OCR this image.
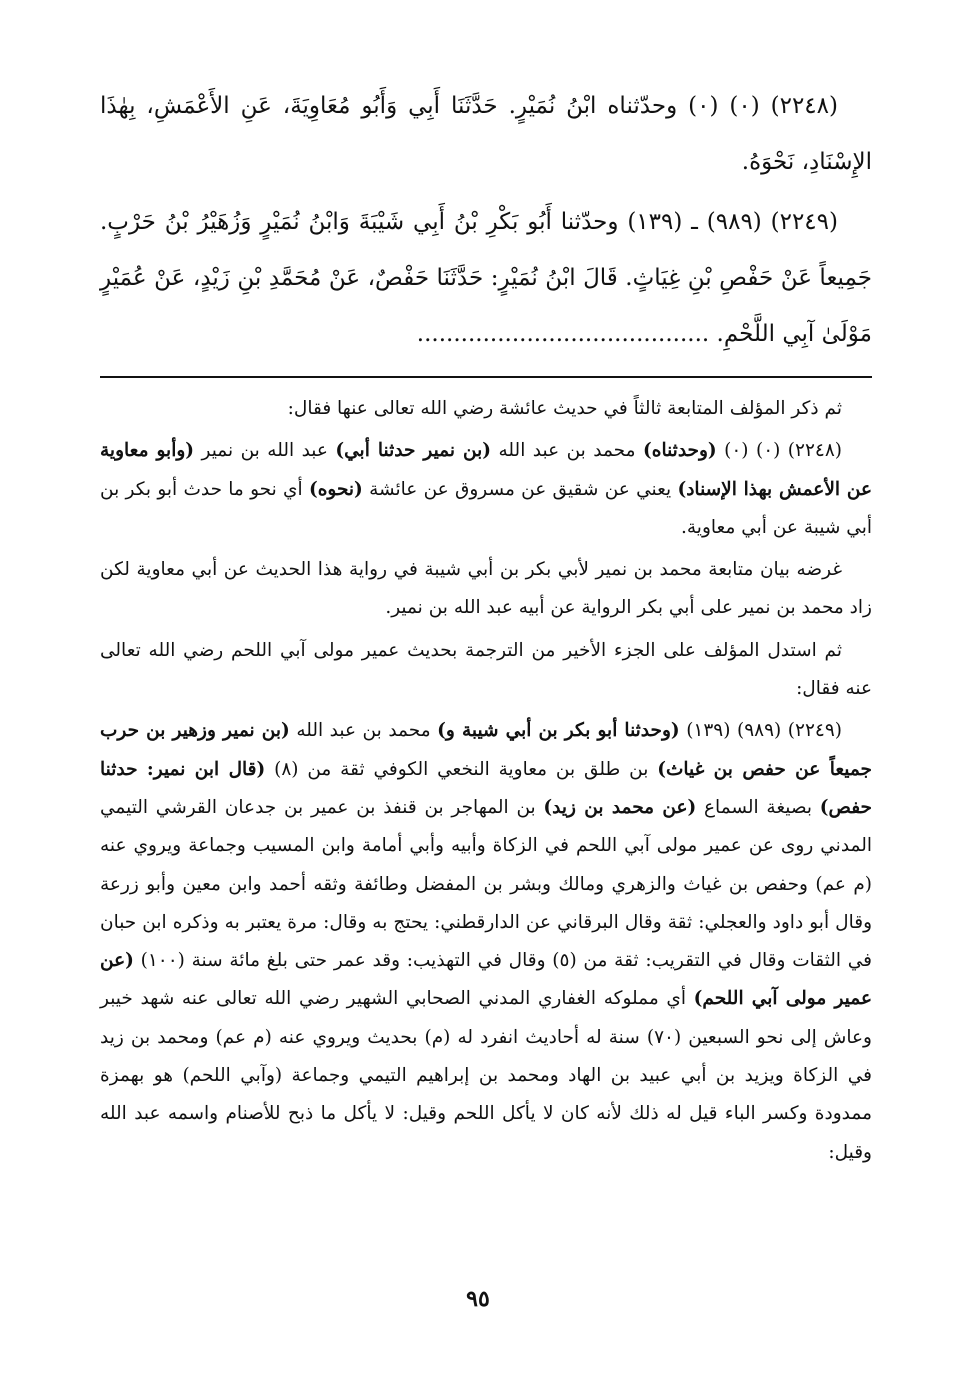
(٢٢٤٨) (٠) (٠) وحدّثناه ابْنُ نُمَيْرٍ. حَدَّثَنَا أَبِي وَأَبُو مُعَاوِيَةَ، عَنِ الأَعْمَشِ، بِهٰذَا الإِسْنَادِ، نَحْوَهُ.

(٢٢٤٩) (٩٨٩) ـ (١٣٩) وحدّثنا أَبُو بَكْرِ بْنُ أَبِي شَيْبَةَ وَابْنُ نُمَيْرٍ وَزُهَيْرُ بْنُ حَرْبٍ. جَمِيعاً عَنْ حَفْصِ بْنِ غِيَاثٍ. قَالَ ابْنُ نُمَيْرٍ: حَدَّثَنَا حَفْصٌ، عَنْ مُحَمَّدِ بْنِ زَيْدٍ، عَنْ عُمَيْرٍ مَوْلَىٰ آبِي اللَّحْمِ. ........................................

ثم ذكر المؤلف المتابعة ثالثاً في حديث عائشة رضي الله تعالى عنها فقال:

(٢٢٤٨) (٠) (٠) (وحدثناه) محمد بن عبد الله (بن نمير حدثنا أبي) عبد الله بن نمير (وأبو معاوية عن الأعمش بهذا الإسناد) يعني عن شقيق عن مسروق عن عائشة (نحوه) أي نحو ما حدث أبو بكر بن أبي شيبة عن أبي معاوية.

غرضه بيان متابعة محمد بن نمير لأبي بكر بن أبي شيبة في رواية هذا الحديث عن أبي معاوية لكن زاد محمد بن نمير على أبي بكر الرواية عن أبيه عبد الله بن نمير.

ثم استدل المؤلف على الجزء الأخير من الترجمة بحديث عمير مولى آبي اللحم رضي الله تعالى عنه فقال:

(٢٢٤٩) (٩٨٩) (١٣٩) (وحدثنا أبو بكر بن أبي شيبة و) محمد بن عبد الله (بن نمير وزهير بن حرب جميعاً عن حفص بن غياث) بن طلق بن معاوية النخعي الكوفي ثقة من (٨) (قال ابن نمير: حدثنا حفص) بصيغة السماع (عن محمد بن زيد) بن المهاجر بن قنفذ بن عمير بن جدعان القرشي التيمي المدني روى عن عمير مولى آبي اللحم في الزكاة وأبيه وأبي أمامة وابن المسيب وجماعة ويروي عنه (م عم) وحفص بن غياث والزهري ومالك وبشر بن المفضل وطائفة وثقه أحمد وابن معين وأبو زرعة وقال أبو داود والعجلي: ثقة وقال البرقاني عن الدارقطني: يحتج به وقال: مرة يعتبر به وذكره ابن حبان في الثقات وقال في التقريب: ثقة من (٥) وقال في التهذيب: وقد عمر حتى بلغ مائة سنة (١٠٠) (عن عمير مولى آبي اللحم) أي مملوكه الغفاري المدني الصحابي الشهير رضي الله تعالى عنه شهد خيبر وعاش إلى نحو السبعين (٧٠) سنة له أحاديث انفرد له (م) بحديث ويروي عنه (م عم) ومحمد بن زيد في الزكاة ويزيد بن أبي عبيد بن الهاد ومحمد بن إبراهيم التيمي وجماعة (وآبي اللحم) هو بهمزة ممدودة وكسر الباء قيل له ذلك لأنه كان لا يأكل اللحم وقيل: لا يأكل ما ذبح للأصنام واسمه عبد الله وقيل:

٩٥
